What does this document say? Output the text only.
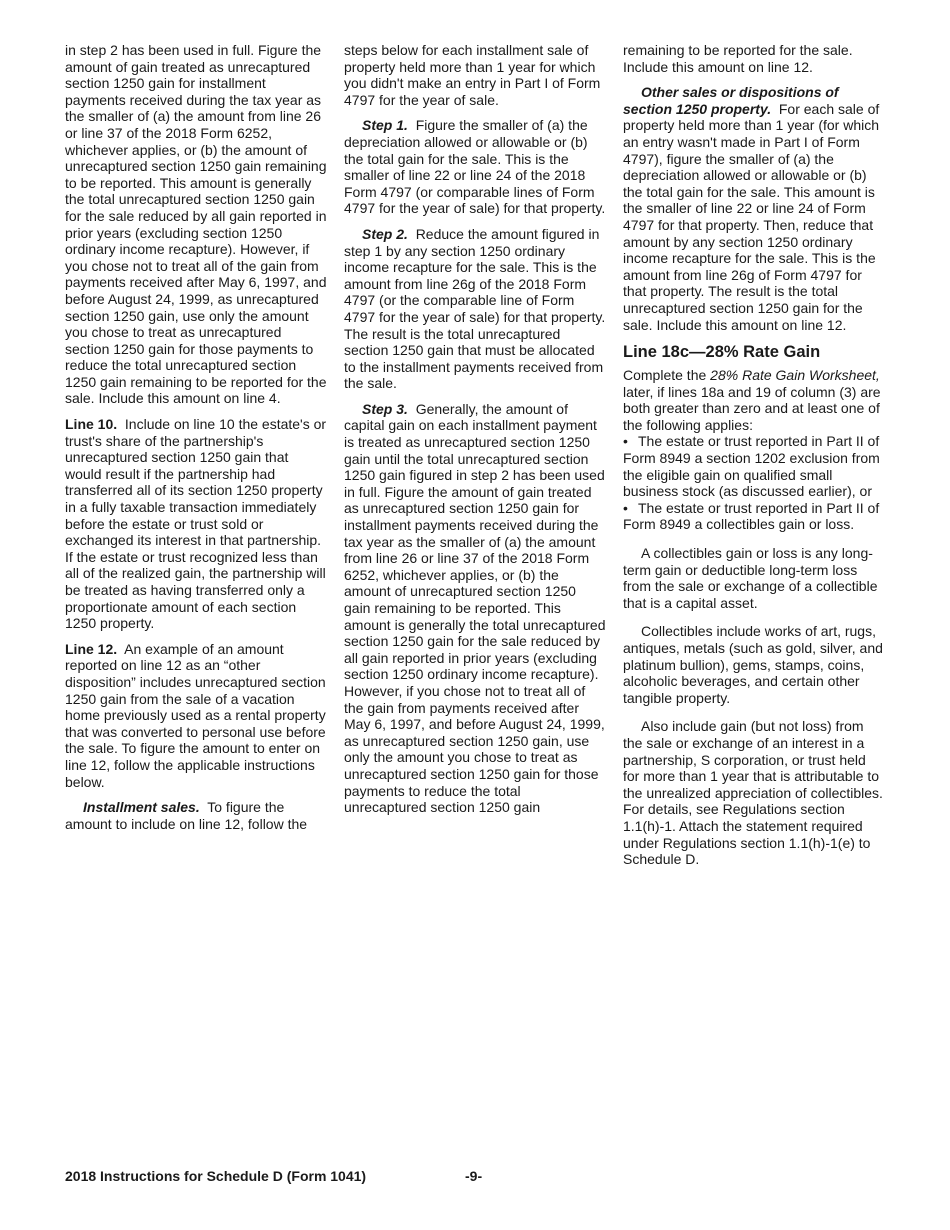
in step 2 has been used in full. Figure the amount of gain treated as unrecaptured section 1250 gain for installment payments received during the tax year as the smaller of (a) the amount from line 26 or line 37 of the 2018 Form 6252, whichever applies, or (b) the amount of unrecaptured section 1250 gain remaining to be reported. This amount is generally the total unrecaptured section 1250 gain for the sale reduced by all gain reported in prior years (excluding section 1250 ordinary income recapture). However, if you chose not to treat all of the gain from payments received after May 6, 1997, and before August 24, 1999, as unrecaptured section 1250 gain, use only the amount you chose to treat as unrecaptured section 1250 gain for those payments to reduce the total unrecaptured section 1250 gain remaining to be reported for the sale. Include this amount on line 4.

Line 10. Include on line 10 the estate's or trust's share of the partnership's unrecaptured section 1250 gain that would result if the partnership had transferred all of its section 1250 property in a fully taxable transaction immediately before the estate or trust sold or exchanged its interest in that partnership. If the estate or trust recognized less than all of the realized gain, the partnership will be treated as having transferred only a proportionate amount of each section 1250 property.

Line 12. An example of an amount reported on line 12 as an “other disposition” includes unrecaptured section 1250 gain from the sale of a vacation home previously used as a rental property that was converted to personal use before the sale. To figure the amount to enter on line 12, follow the applicable instructions below.

Installment sales. To figure the amount to include on line 12, follow the

steps below for each installment sale of property held more than 1 year for which you didn't make an entry in Part I of Form 4797 for the year of sale.

Step 1. Figure the smaller of (a) the depreciation allowed or allowable or (b) the total gain for the sale. This is the smaller of line 22 or line 24 of the 2018 Form 4797 (or comparable lines of Form 4797 for the year of sale) for that property.

Step 2. Reduce the amount figured in step 1 by any section 1250 ordinary income recapture for the sale. This is the amount from line 26g of the 2018 Form 4797 (or the comparable line of Form 4797 for the year of sale) for that property. The result is the total unrecaptured section 1250 gain that must be allocated to the installment payments received from the sale.

Step 3. Generally, the amount of capital gain on each installment payment is treated as unrecaptured section 1250 gain until the total unrecaptured section 1250 gain figured in step 2 has been used in full. Figure the amount of gain treated as unrecaptured section 1250 gain for installment payments received during the tax year as the smaller of (a) the amount from line 26 or line 37 of the 2018 Form 6252, whichever applies, or (b) the amount of unrecaptured section 1250 gain remaining to be reported. This amount is generally the total unrecaptured section 1250 gain for the sale reduced by all gain reported in prior years (excluding section 1250 ordinary income recapture). However, if you chose not to treat all of the gain from payments received after May 6, 1997, and before August 24, 1999, as unrecaptured section 1250 gain, use only the amount you chose to treat as unrecaptured section 1250 gain for those payments to reduce the total unrecaptured section 1250 gain

remaining to be reported for the sale. Include this amount on line 12.

Other sales or dispositions of section 1250 property. For each sale of property held more than 1 year (for which an entry wasn't made in Part I of Form 4797), figure the smaller of (a) the depreciation allowed or allowable or (b) the total gain for the sale. This amount is the smaller of line 22 or line 24 of Form 4797 for that property. Then, reduce that amount by any section 1250 ordinary income recapture for the sale. This is the amount from line 26g of Form 4797 for that property. The result is the total unrecaptured section 1250 gain for the sale. Include this amount on line 12.

Line 18c—28% Rate Gain

Complete the 28% Rate Gain Worksheet, later, if lines 18a and 19 of column (3) are both greater than zero and at least one of the following applies:

• The estate or trust reported in Part II of Form 8949 a section 1202 exclusion from the eligible gain on qualified small business stock (as discussed earlier), or

• The estate or trust reported in Part II of Form 8949 a collectibles gain or loss.

A collectibles gain or loss is any long-term gain or deductible long-term loss from the sale or exchange of a collectible that is a capital asset.

Collectibles include works of art, rugs, antiques, metals (such as gold, silver, and platinum bullion), gems, stamps, coins, alcoholic beverages, and certain other tangible property.

Also include gain (but not loss) from the sale or exchange of an interest in a partnership, S corporation, or trust held for more than 1 year that is attributable to the unrealized appreciation of collectibles. For details, see Regulations section 1.1(h)-1. Attach the statement required under Regulations section 1.1(h)-1(e) to Schedule D.

2018 Instructions for Schedule D (Form 1041)	-9-
